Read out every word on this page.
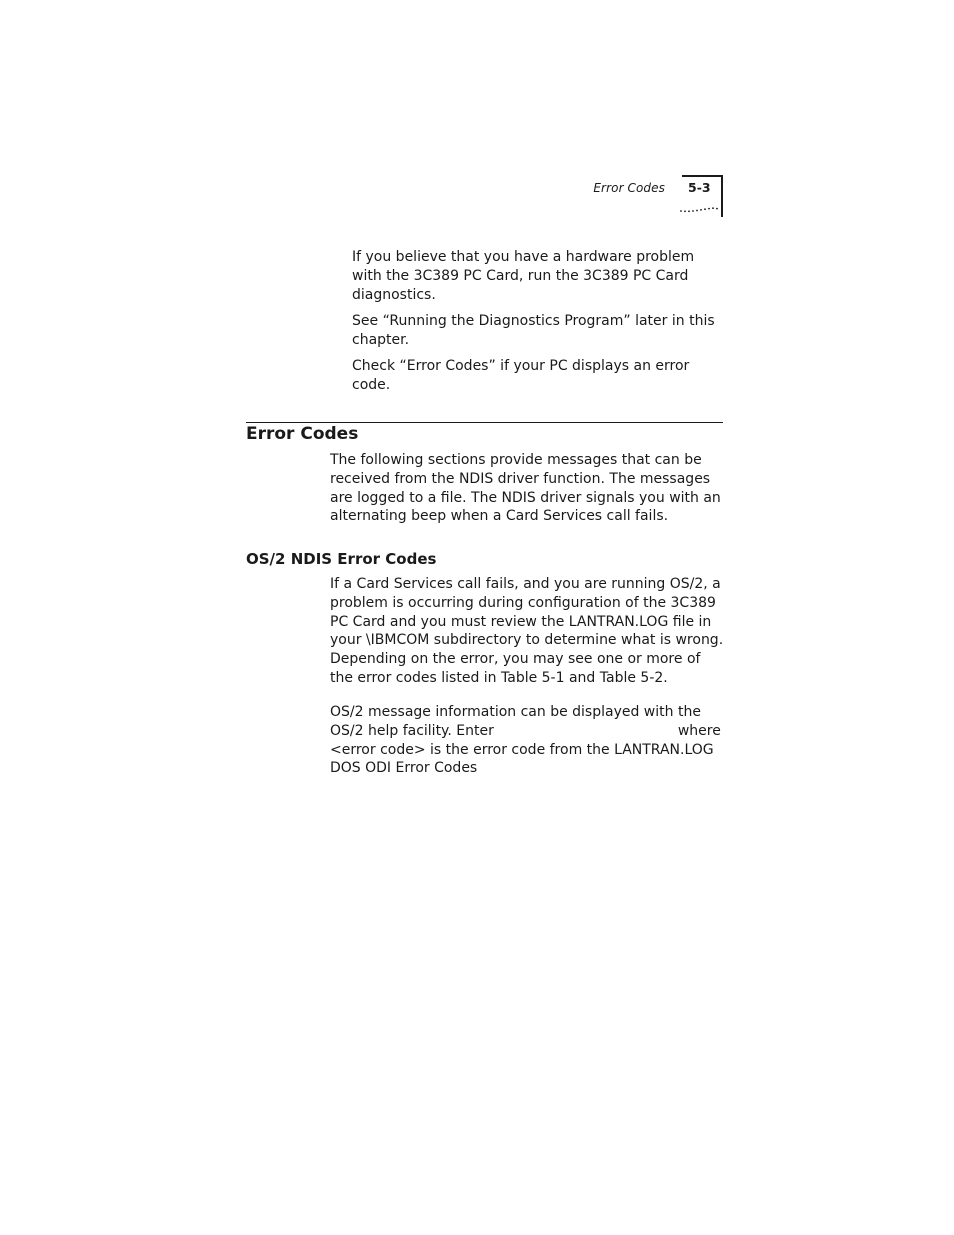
Error Codes 5-3

If you believe that you have a hardware problem with the 3C389 PC Card, run the 3C389 PC Card diagnostics.

See “Running the Diagnostics Program” later in this chapter.

Check “Error Codes” if your PC displays an error code.

Error Codes

The following sections provide messages that can be received from the NDIS driver function. The messages are logged to a file. The NDIS driver signals you with an alternating beep when a Card Services call fails.

OS/2 NDIS Error Codes

If a Card Services call fails, and you are running OS/2, a problem is occurring during configuration of the 3C389 PC Card and you must review the LANTRAN.LOG file in your \IBMCOM subdirectory to determine what is wrong. Depending on the error, you may see one or more of the error codes listed in Table 5-1 and Table 5-2.

OS/2 message information can be displayed with the
OS/2 help facility. Enter	where
<error code> is the error code from the LANTRAN.LOG
DOS ODI Error Codes
